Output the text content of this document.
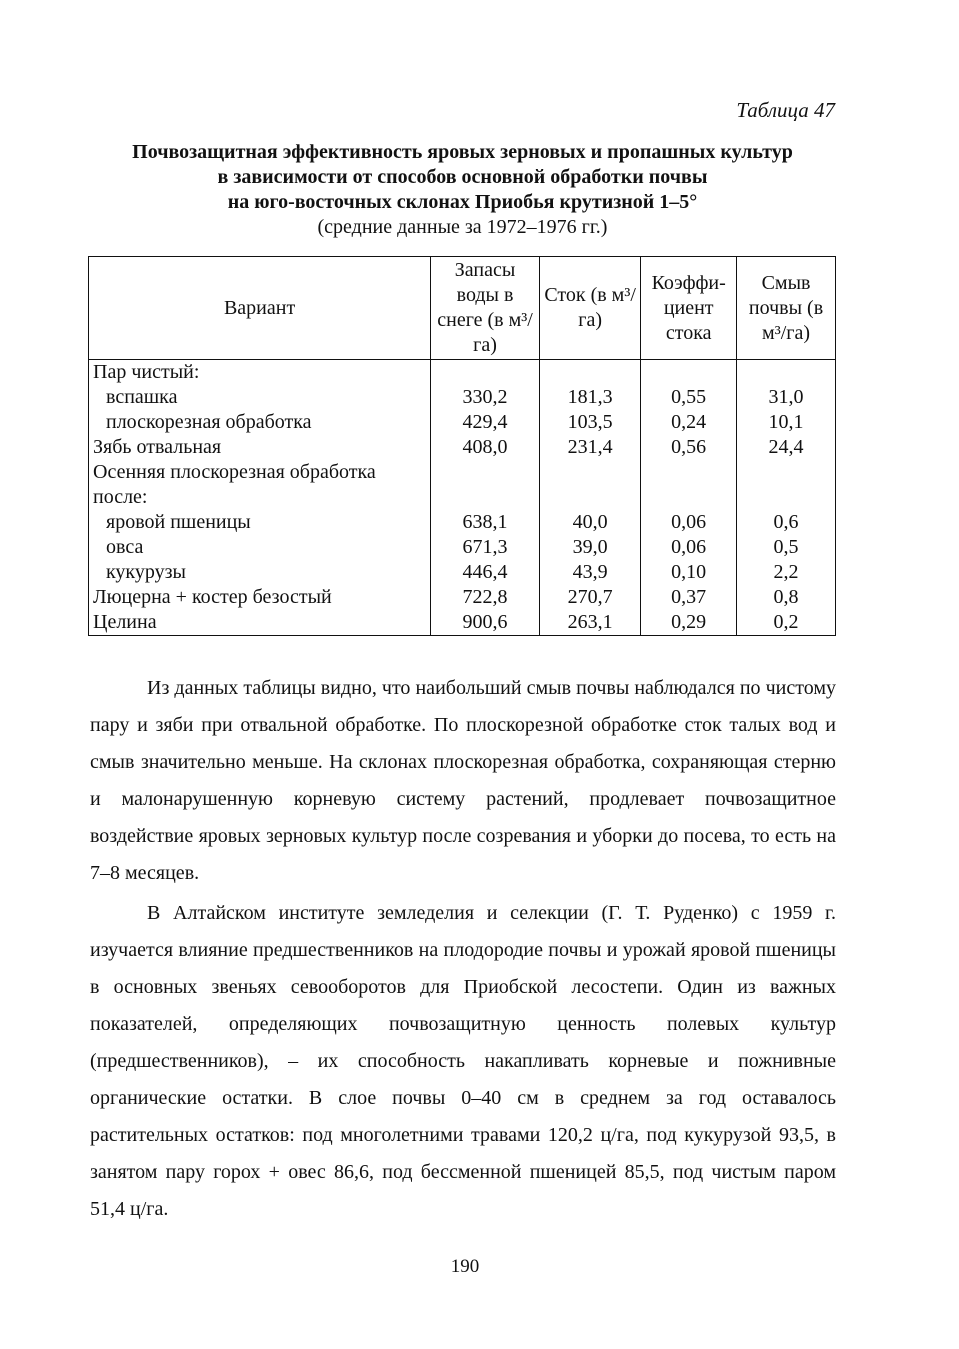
Таблица 47
Почвозащитная эффективность яровых зерновых и пропашных культур
в зависимости от способов основной обработки почвы
на юго-восточных склонах Приобья крутизной 1–5°
(средние данные за 1972–1976 гг.)
Вариант	Запасы воды в снеге (в м³/га)	Сток (в м³/га)	Коэффи-циент стока	Смыв почвы (в м³/га)
Пар чистый:				
вспашка	330,2	181,3	0,55	31,0
плоскорезная обработка	429,4	103,5	0,24	10,1
Зябь отвальная	408,0	231,4	0,56	24,4
Осенняя плоскорезная обработка				
после:				
яровой пшеницы	638,1	40,0	0,06	0,6
овса	671,3	39,0	0,06	0,5
кукурузы	446,4	43,9	0,10	2,2
Люцерна + костер безостый	722,8	270,7	0,37	0,8
Целина	900,6	263,1	0,29	0,2

Из данных таблицы видно, что наибольший смыв почвы наблюдался по чистому пару и зяби при отвальной обработке. По плоскорезной обработке сток талых вод и смыв значительно меньше. На склонах плоскорезная обработка, сохраняющая стерню и малонарушенную корневую систему растений, продлевает почвозащитное воздействие яровых зерновых культур после созревания и уборки до посева, то есть на 7–8 месяцев.

В Алтайском институте земледелия и селекции (Г. Т. Руденко) с 1959 г. изучается влияние предшественников на плодородие почвы и урожай яровой пшеницы в основных звеньях севооборотов для Приобской лесостепи. Один из важных показателей, определяющих почвозащитную ценность полевых культур (предшественников), – их способность накапливать корневые и пожнивные органические остатки. В слое почвы 0–40 см в среднем за год оставалось растительных остатков: под многолетними травами 120,2 ц/га, под кукурузой 93,5, в занятом пару горох + овес 86,6, под бессменной пшеницей 85,5, под чистым паром 51,4 ц/га.

190
